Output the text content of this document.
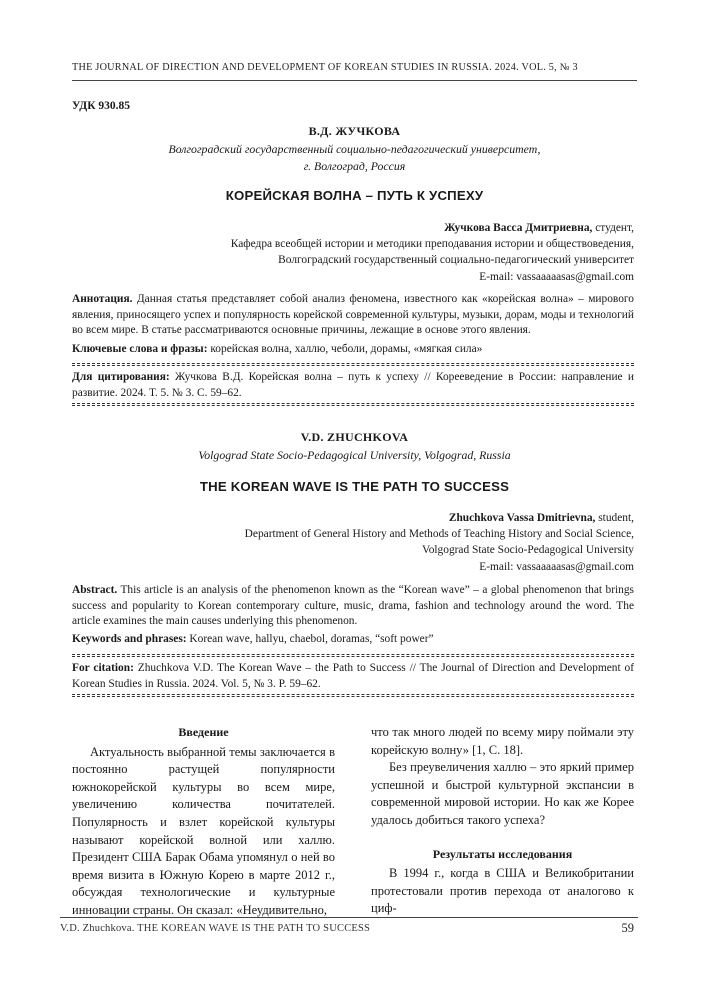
THE JOURNAL OF DIRECTION AND DEVELOPMENT OF KOREAN STUDIES IN RUSSIA. 2024. VOL. 5, № 3
УДК 930.85
В.Д. ЖУЧКОВА
Волгоградский государственный социально-педагогический университет,
г. Волгоград, Россия
КОРЕЙСКАЯ ВОЛНА – ПУТЬ К УСПЕХУ
Жучкова Васса Дмитриевна, студент,
Кафедра всеобщей истории и методики преподавания истории и обществоведения,
Волгоградский государственный социально-педагогический университет
E-mail: vassaaaaasas@gmail.com
Аннотация. Данная статья представляет собой анализ феномена, известного как «корейская волна» – мирового явления, приносящего успех и популярность корейской современной культуры, музыки, дорам, моды и технологий во всем мире. В статье рассматриваются основные причины, лежащие в основе этого явления.
Ключевые слова и фразы: корейская волна, халлю, чеболи, дорамы, «мягкая сила»
Для цитирования: Жучкова В.Д. Корейская волна – путь к успеху // Корееведение в России: направление и развитие. 2024. Т. 5. № 3. С. 59–62.
V.D. ZHUCHKOVA
Volgograd State Socio-Pedagogical University, Volgograd, Russia
THE KOREAN WAVE IS THE PATH TO SUCCESS
Zhuchkova Vassa Dmitrievna, student,
Department of General History and Methods of Teaching History and Social Science,
Volgograd State Socio-Pedagogical University
E-mail: vassaaaaasas@gmail.com
Abstract. This article is an analysis of the phenomenon known as the “Korean wave” – a global phenomenon that brings success and popularity to Korean contemporary culture, music, drama, fashion and technology around the word. The article examines the main causes underlying this phenomenon.
Keywords and phrases: Korean wave, hallyu, chaebol, doramas, “soft power”
For citation: Zhuchkova V.D. The Korean Wave – the Path to Success // The Journal of Direction and Development of Korean Studies in Russia. 2024. Vol. 5, № 3. P. 59–62.
Введение

Актуальность выбранной темы заключается в постоянно растущей популярности южнокорейской культуры во всем мире, увеличению количества почитателей. Популярность и взлет корейской культуры называют корейской волной или халлю. Президент США Барак Обама упомянул о ней во время визита в Южную Корею в марте 2012 г., обсуждая технологические и культурные инновации страны. Он сказал: «Неудивительно,

что так много людей по всему миру поймали эту корейскую волну» [1, С. 18].

Без преувеличения халлю – это яркий пример успешной и быстрой культурной экспансии в современной мировой истории. Но как же Корее удалось добиться такого успеха?

Результаты исследования

В 1994 г., когда в США и Великобритании протестовали против перехода от аналогово к циф-

V.D. Zhuchkova. THE KOREAN WAVE IS THE PATH TO SUCCESS	59
